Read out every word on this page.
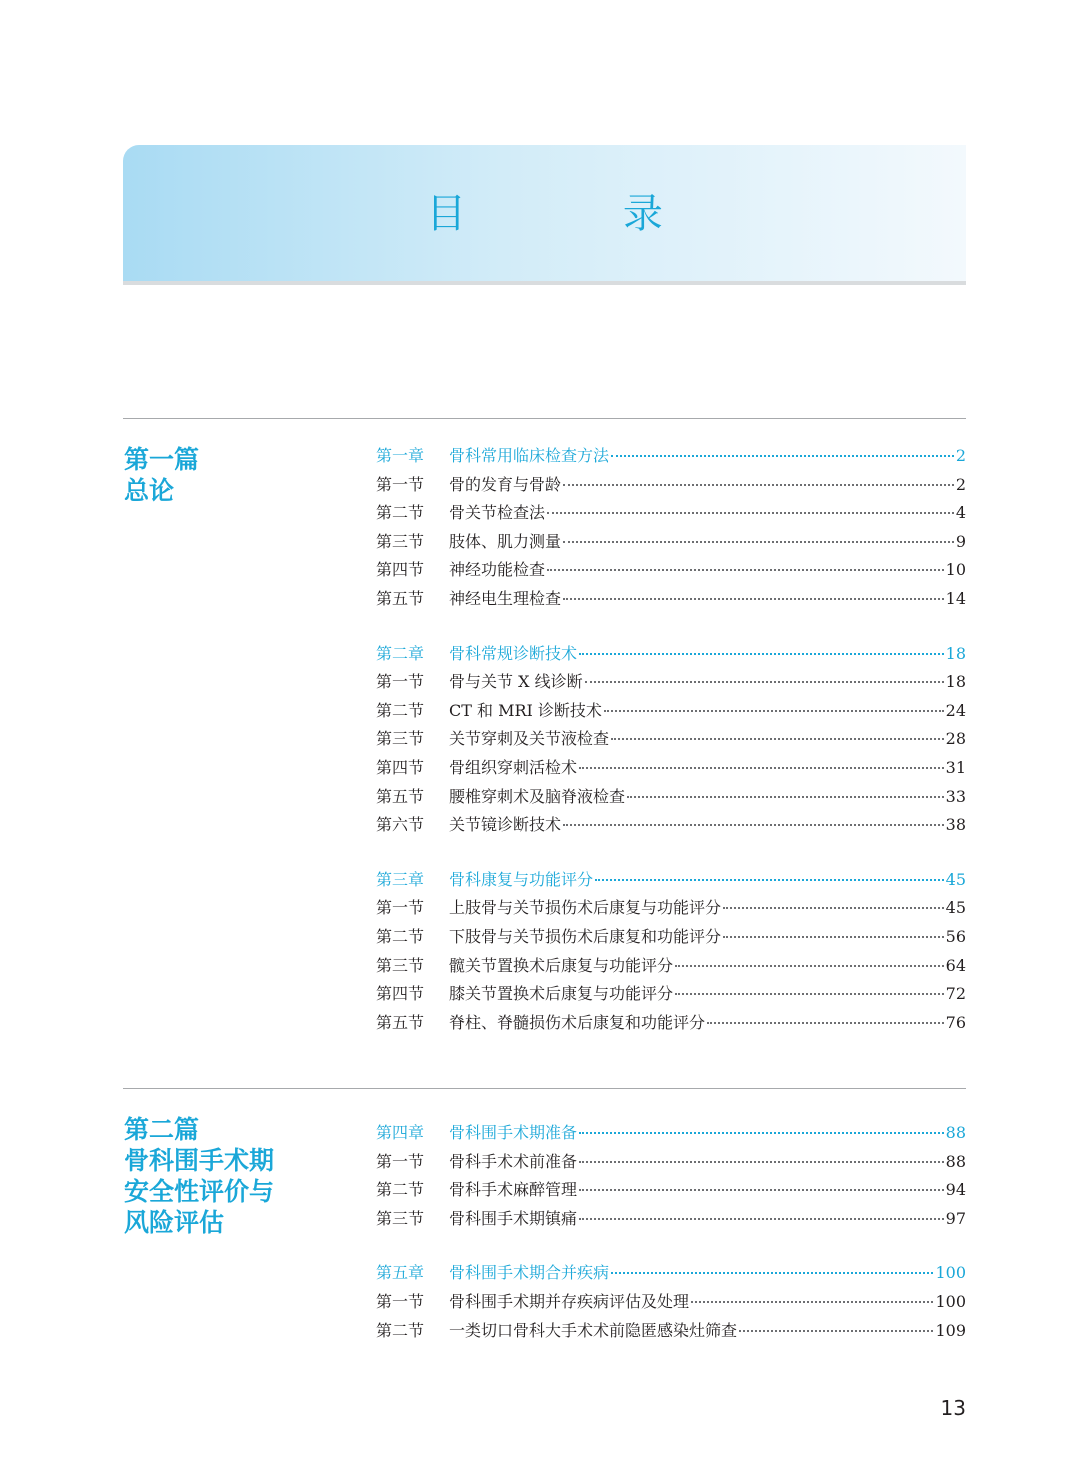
目 录
第一篇
总论
第一章	骨科常用临床检查方法	2
第一节	骨的发育与骨龄	2
第二节	骨关节检查法	4
第三节	肢体、肌力测量	9
第四节	神经功能检查	10
第五节	神经电生理检查	14
第二章	骨科常规诊断技术	18
第一节	骨与关节 X 线诊断	18
第二节	CT 和 MRI 诊断技术	24
第三节	关节穿刺及关节液检查	28
第四节	骨组织穿刺活检术	31
第五节	腰椎穿刺术及脑脊液检查	33
第六节	关节镜诊断技术	38
第三章	骨科康复与功能评分	45
第一节	上肢骨与关节损伤术后康复与功能评分	45
第二节	下肢骨与关节损伤术后康复和功能评分	56
第三节	髋关节置换术后康复与功能评分	64
第四节	膝关节置换术后康复与功能评分	72
第五节	脊柱、脊髓损伤术后康复和功能评分	76
第二篇
骨科围手术期
安全性评价与
风险评估
第四章	骨科围手术期准备	88
第一节	骨科手术术前准备	88
第二节	骨科手术麻醉管理	94
第三节	骨科围手术期镇痛	97
第五章	骨科围手术期合并疾病	100
第一节	骨科围手术期并存疾病评估及处理	100
第二节	一类切口骨科大手术术前隐匿感染灶筛查	109
13
